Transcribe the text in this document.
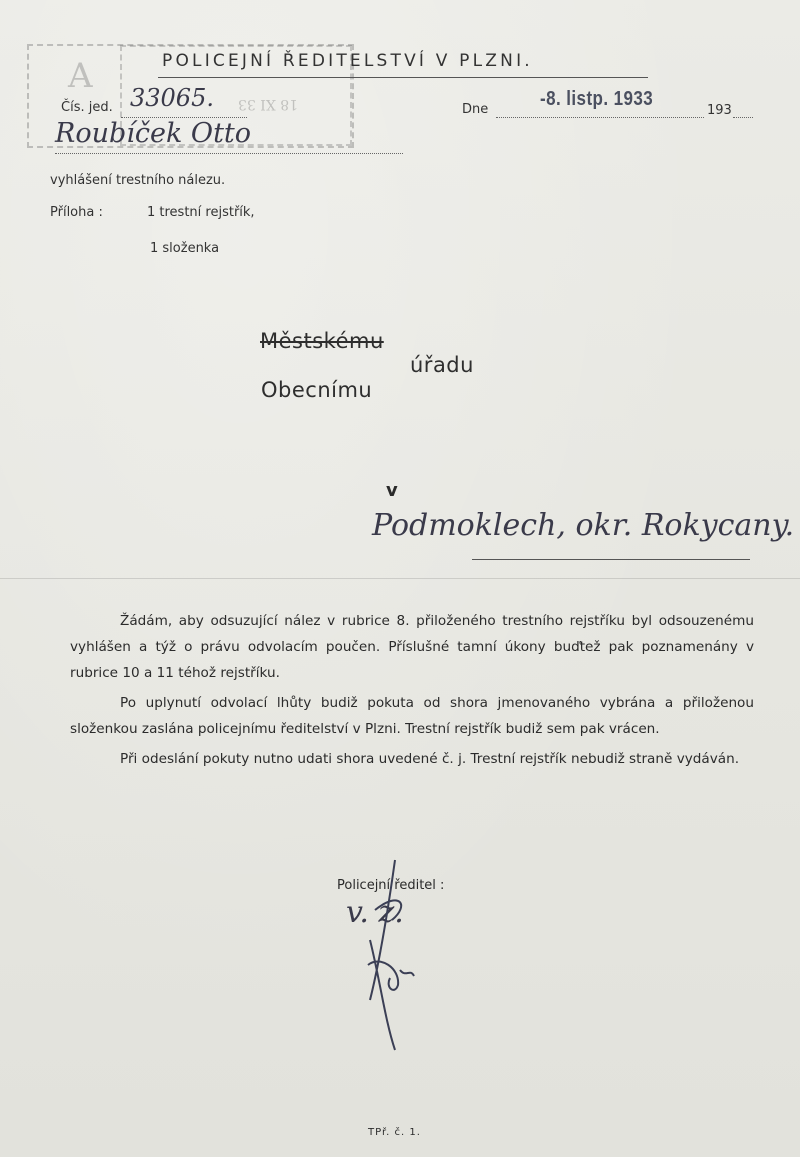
A
18 XI 33
POLICEJNÍ ŘEDITELSTVÍ V PLZNI.
Čís. jed. 33065.	Dne	-8. listp. 1933
193
Roubíček Otto
vyhlášení trestního nálezu.
Příloha :	1 trestní rejstřík,
1 složenka
Městskému
Obecnímu
úřadu
v
Podmoklech, okr. Rokycany.

Žádám, aby odsuzující nález v rubrice 8. přiloženého trestního rejstříku byl odsouzenému vyhlášen a týž o právu odvolacím poučen. Příslušné tamní úkony buďtež pak poznamenány v rubrice 10 a 11 téhož rejstříku.

Po uplynutí odvolací lhůty budiž pokuta od shora jmenovaného vybrána a přiloženou složenkou zaslána policejnímu ředitelství v Plzni. Trestní rejstřík budiž sem pak vrácen.

Při odeslání pokuty nutno udati shora uvedené č. j. Trestní rejstřík nebudiž straně vydáván.

Policejní ředitel :
v. z.
TPř. č. 1.
